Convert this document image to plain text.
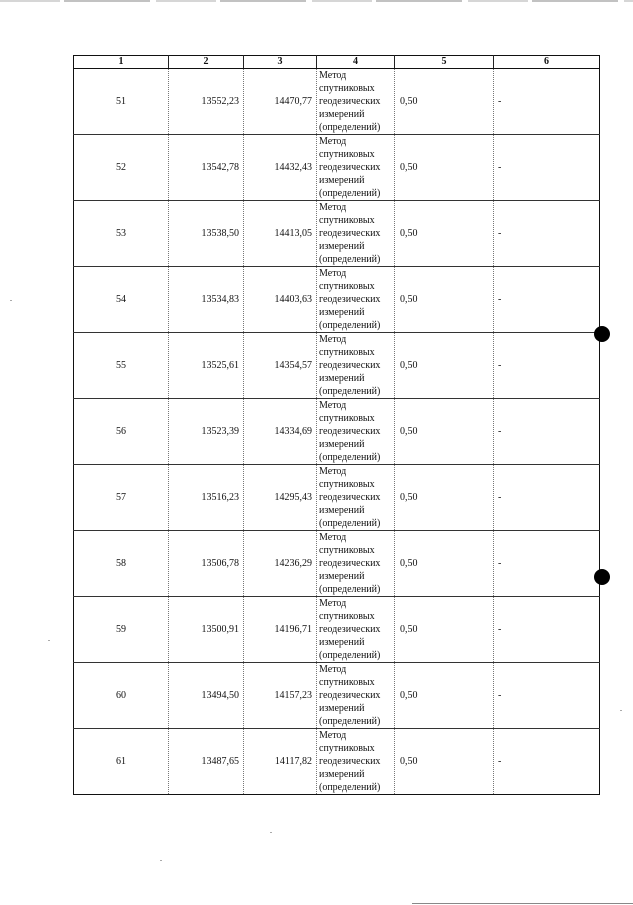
1	2	3	4	5	6
51	13552,23	14470,77	Метод
спутниковых
геодезических
измерений
(определений)	0,50	-
52	13542,78	14432,43	Метод
спутниковых
геодезических
измерений
(определений)	0,50	-
53	13538,50	14413,05	Метод
спутниковых
геодезических
измерений
(определений)	0,50	-
54	13534,83	14403,63	Метод
спутниковых
геодезических
измерений
(определений)	0,50	-
55	13525,61	14354,57	Метод
спутниковых
геодезических
измерений
(определений)	0,50	-
56	13523,39	14334,69	Метод
спутниковых
геодезических
измерений
(определений)	0,50	-
57	13516,23	14295,43	Метод
спутниковых
геодезических
измерений
(определений)	0,50	-
58	13506,78	14236,29	Метод
спутниковых
геодезических
измерений
(определений)	0,50	-
59	13500,91	14196,71	Метод
спутниковых
геодезических
измерений
(определений)	0,50	-
60	13494,50	14157,23	Метод
спутниковых
геодезических
измерений
(определений)	0,50	-
61	13487,65	14117,82	Метод
спутниковых
геодезических
измерений
(определений)	0,50	-
